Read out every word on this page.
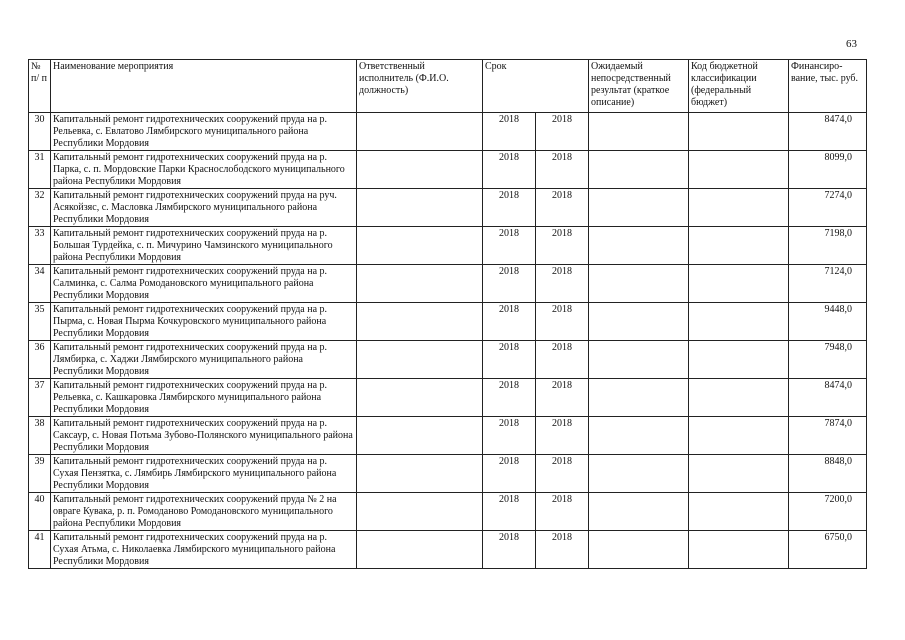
63
№ п/ п	Наименование мероприятия	Ответственный исполнитель (Ф.И.О. должность)	Срок		Ожидаемый непосредственный результат (краткое описание)	Код бюджетной классификации (федеральный бюджет)	Финансиро-вание, тыс. руб.

30	Капитальный ремонт гидротехнических сооружений пруда на р. Рельевка, с. Евлатово Лямбирского муниципального района Республики Мордовия		2018	2018			8474,0

31	Капитальный ремонт гидротехнических сооружений пруда на р. Парка, с. п. Мордовские Парки Краснослободского муниципального района Республики Мордовия		2018	2018			8099,0

32	Капитальный ремонт гидротехнических сооружений пруда на руч. Асякойзяс, с. Масловка Лямбирского муниципального района Республики Мордовия		2018	2018			7274,0

33	Капитальный ремонт гидротехнических сооружений пруда на р. Большая Турдейка, с. п. Мичурино Чамзинского муниципального района Республики Мордовия		2018	2018			7198,0

34	Капитальный ремонт гидротехнических сооружений пруда на р. Салминка, с. Салма Ромодановского муниципального района Республики Мордовия		2018	2018			7124,0

35	Капитальный ремонт гидротехнических сооружений пруда на р. Пырма, с. Новая Пырма Кочкуровского муниципального района Республики Мордовия		2018	2018			9448,0

36	Капитальный ремонт гидротехнических сооружений пруда на р. Лямбирка, с. Хаджи Лямбирского муниципального района Республики Мордовия		2018	2018			7948,0

37	Капитальный ремонт гидротехнических сооружений пруда на р. Рельевка, с. Кашкаровка Лямбирского муниципального района Республики Мордовия		2018	2018			8474,0

38	Капитальный ремонт гидротехнических сооружений пруда на р. Саксаур, с. Новая Потьма Зубово-Полянского муниципального района Республики Мордовия		2018	2018			7874,0

39	Капитальный ремонт гидротехнических сооружений пруда на р. Сухая Пензятка, с. Лямбирь Лямбирского муниципального района Республики Мордовия		2018	2018			8848,0

40	Капитальный ремонт гидротехнических сооружений пруда № 2 на овраге Кувака, р. п. Ромоданово Ромодановского муниципального района Республики Мордовия		2018	2018			7200,0

41	Капитальный ремонт гидротехнических сооружений пруда на р. Сухая Атьма, с. Николаевка Лямбирского муниципального района Республики Мордовия		2018	2018			6750,0
